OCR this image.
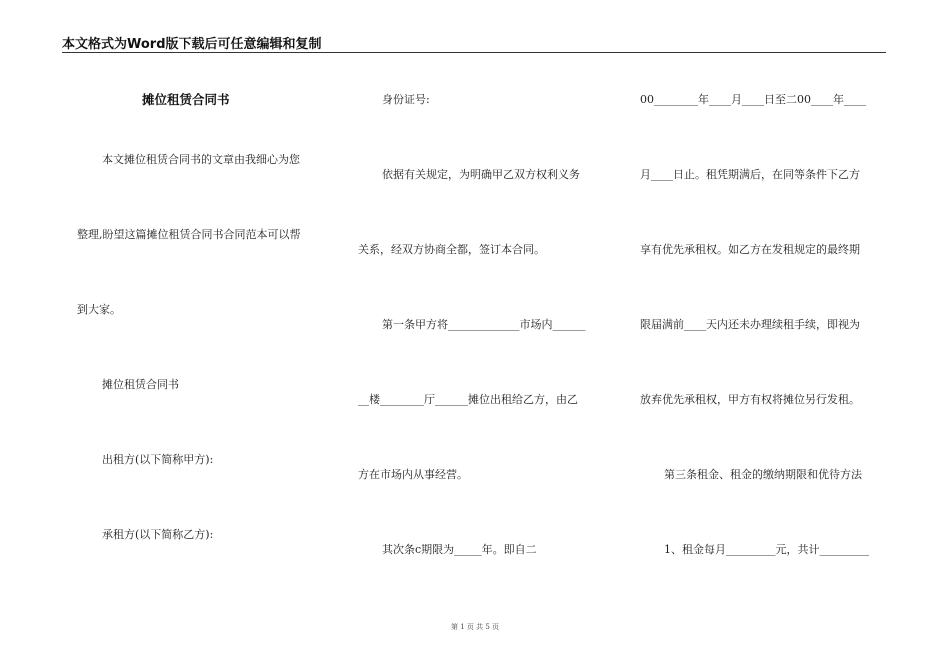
本文格式为Word版下载后可任意编辑和复制
摊位租赁合同书
本文摊位租赁合同书的文章由我细心为您
整理,盼望这篇摊位租赁合同书合同范本可以帮
到大家。
摊位租赁合同书
出租方(以下简称甲方):
承租方(以下简称乙方):
身份证号:
依据有关规定，为明确甲乙双方权利义务
关系，经双方协商全都，签订本合同。
第一条甲方将_____________市场内______
__楼________厅______摊位出租给乙方，由乙
方在市场内从事经营。
其次条c期限为_____年。即自二
00________年____月____日至二00____年____
月____日止。租凭期满后，在同等条件下乙方
享有优先承租权。如乙方在发租规定的最终期
限届满前____天内还未办理续租手续，即视为
放弃优先承租权，甲方有权将摊位另行发租。
第三条租金、租金的缴纳期限和优待方法
1、租金每月_________元，共计_________
第 1 页 共 5 页
